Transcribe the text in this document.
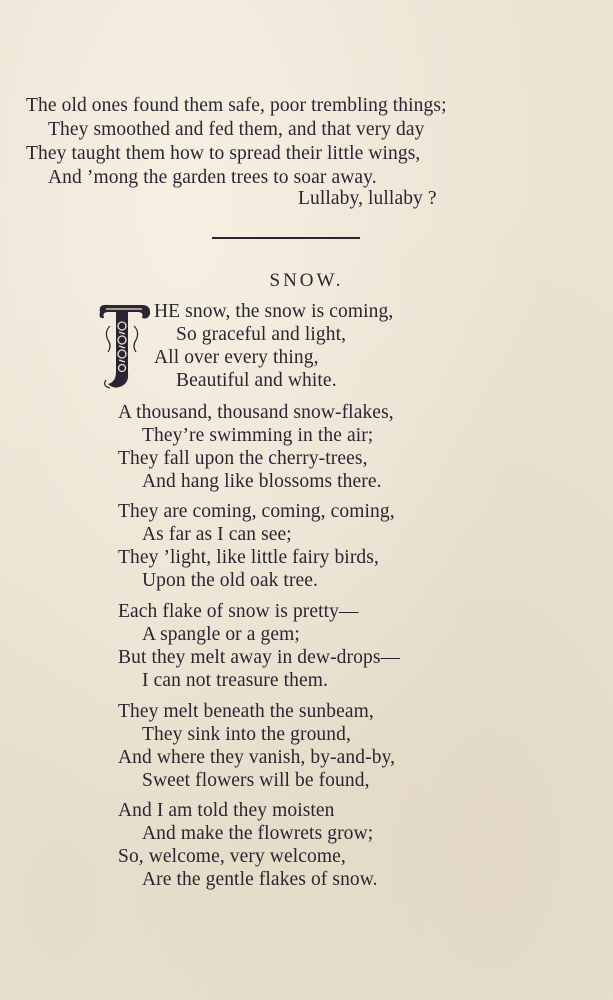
The old ones found them safe, poor trembling things;
They smoothed and fed them, and that very day
They taught them how to spread their little wings,
And ’mong the garden trees to soar away.
Lullaby, lullaby ?
SNOW.
HE snow, the snow is coming,
So graceful and light,
All over every thing,
Beautiful and white.
A thousand, thousand snow-flakes,
They’re swimming in the air;
They fall upon the cherry-trees,
And hang like blossoms there.
They are coming, coming, coming,
As far as I can see;
They ’light, like little fairy birds,
Upon the old oak tree.
Each flake of snow is pretty—
A spangle or a gem;
But they melt away in dew-drops—
I can not treasure them.
They melt beneath the sunbeam,
They sink into the ground,
And where they vanish, by-and-by,
Sweet flowers will be found,
And I am told they moisten
And make the flowrets grow;
So, welcome, very welcome,
Are the gentle flakes of snow.
